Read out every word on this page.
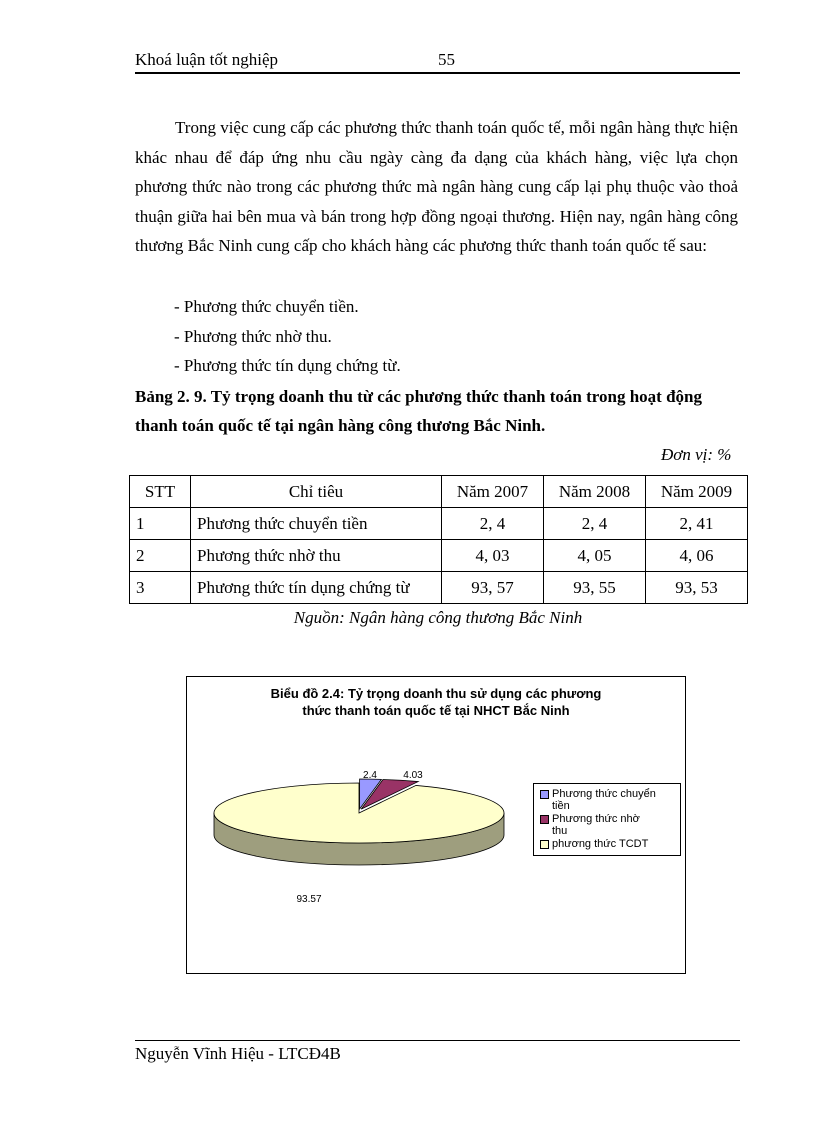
Khoá luận tốt nghiệp	55

Trong việc cung cấp các phương thức thanh toán quốc tế, mỗi ngân hàng thực hiện khác nhau để đáp ứng nhu cầu ngày càng đa dạng của khách hàng, việc lựa chọn phương thức nào trong các phương thức mà ngân hàng cung cấp lại phụ thuộc vào thoả thuận giữa hai bên mua và bán trong hợp đồng ngoại thương. Hiện nay, ngân hàng công thương Bắc Ninh cung cấp cho khách hàng các phương thức thanh toán quốc tế sau:

- Phương thức chuyển tiền.
- Phương thức nhờ thu.
- Phương thức tín dụng chứng từ.

Bảng 2. 9. Tỷ trọng doanh thu từ các phương thức thanh toán trong hoạt động thanh toán quốc tế tại ngân hàng công thương Bắc Ninh.

Đơn vị: %
STT	Chỉ tiêu	Năm 2007	Năm 2008	Năm 2009
1	Phương thức chuyển tiền	2, 4	2, 4	2, 41
2	Phương thức nhờ thu	4, 03	4, 05	4, 06
3	Phương thức tín dụng chứng từ	93, 57	93, 55	93, 53
Nguồn: Ngân hàng công thương Bắc Ninh
Biểu đồ 2.4: Tỷ trọng doanh thu sử dụng các phương
thức thanh toán quốc tế tại NHCT Bắc Ninh
2.4	4.03
93.57
Phương thức chuyển
tiền
Phương thức nhờ
thu
phương thức TCDT
Nguyễn Vĩnh Hiệu - LTCĐ4B
